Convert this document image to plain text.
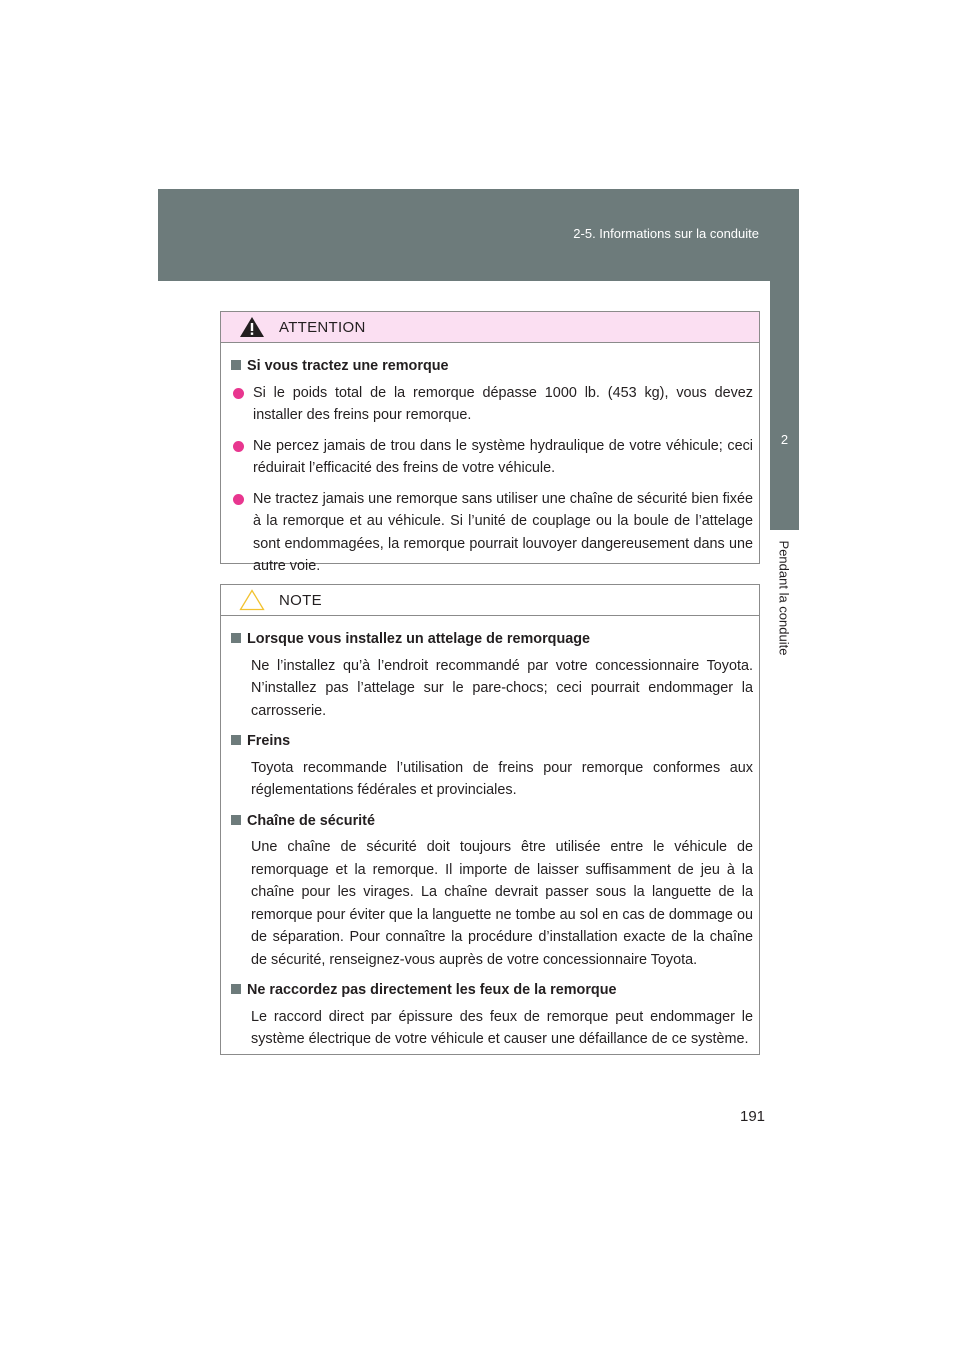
2-5. Informations sur la conduite
2
Pendant la conduite
ATTENTION
Si vous tractez une remorque
Si le poids total de la remorque dépasse 1000 lb. (453 kg), vous devez installer des freins pour remorque.
Ne percez jamais de trou dans le système hydraulique de votre véhicule; ceci réduirait l’efficacité des freins de votre véhicule.
Ne tractez jamais une remorque sans utiliser une chaîne de sécurité bien fixée à la remorque et au véhicule. Si l’unité de couplage ou la boule de l’attelage sont endommagées, la remorque pourrait louvoyer dangereusement dans une autre voie.
NOTE
Lorsque vous installez un attelage de remorquage
Ne l’installez qu’à l’endroit recommandé par votre concessionnaire Toyota. N’installez pas l’attelage sur le pare-chocs; ceci pourrait endommager la carrosserie.
Freins
Toyota recommande l’utilisation de freins pour remorque conformes aux réglementations fédérales et provinciales.
Chaîne de sécurité
Une chaîne de sécurité doit toujours être utilisée entre le véhicule de remorquage et la remorque. Il importe de laisser suffisamment de jeu à la chaîne pour les virages. La chaîne devrait passer sous la languette de la remorque pour éviter que la languette ne tombe au sol en cas de dommage ou de séparation. Pour connaître la procédure d’installation exacte de la chaîne de sécurité, renseignez-vous auprès de votre concessionnaire Toyota.
Ne raccordez pas directement les feux de la remorque
Le raccord direct par épissure des feux de remorque peut endommager le système électrique de votre véhicule et causer une défaillance de ce système.
191
